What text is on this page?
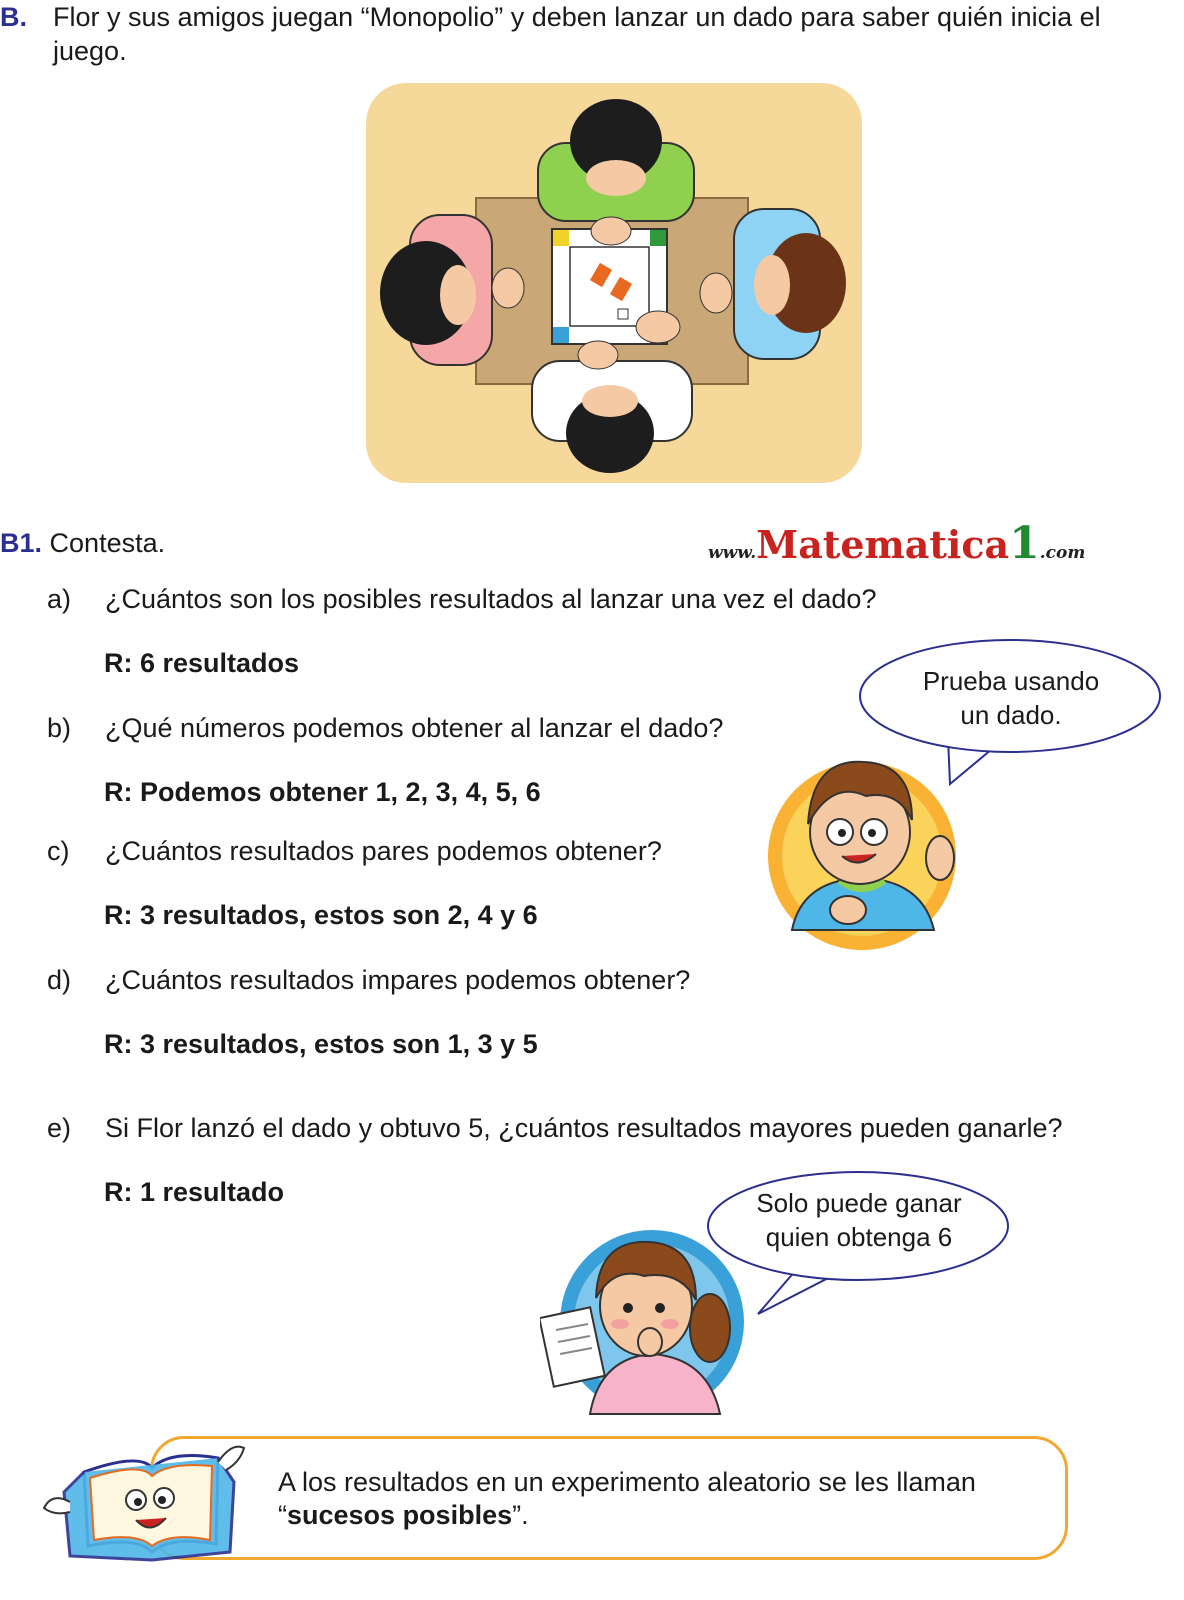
B. Flor y sus amigos juegan “Monopolio” y deben lanzar un dado para saber quién inicia el juego.
B1. Contesta.	www.Matematica1.com
a) ¿Cuántos son los posibles resultados al lanzar una vez el dado?
R: 6 resultados
b) ¿Qué números podemos obtener al lanzar el dado?
R: Podemos obtener 1, 2, 3, 4, 5, 6
c) ¿Cuántos resultados pares podemos obtener?
R: 3 resultados, estos son 2, 4 y 6
d) ¿Cuántos resultados impares podemos obtener?
R: 3 resultados, estos son 1, 3 y 5
e) Si Flor lanzó el dado y obtuvo 5, ¿cuántos resultados mayores pueden ganarle?
R: 1 resultado
Prueba usando
un dado.
Solo puede ganar
quien obtenga 6
A los resultados en un experimento aleatorio se les llaman
“sucesos posibles”.
